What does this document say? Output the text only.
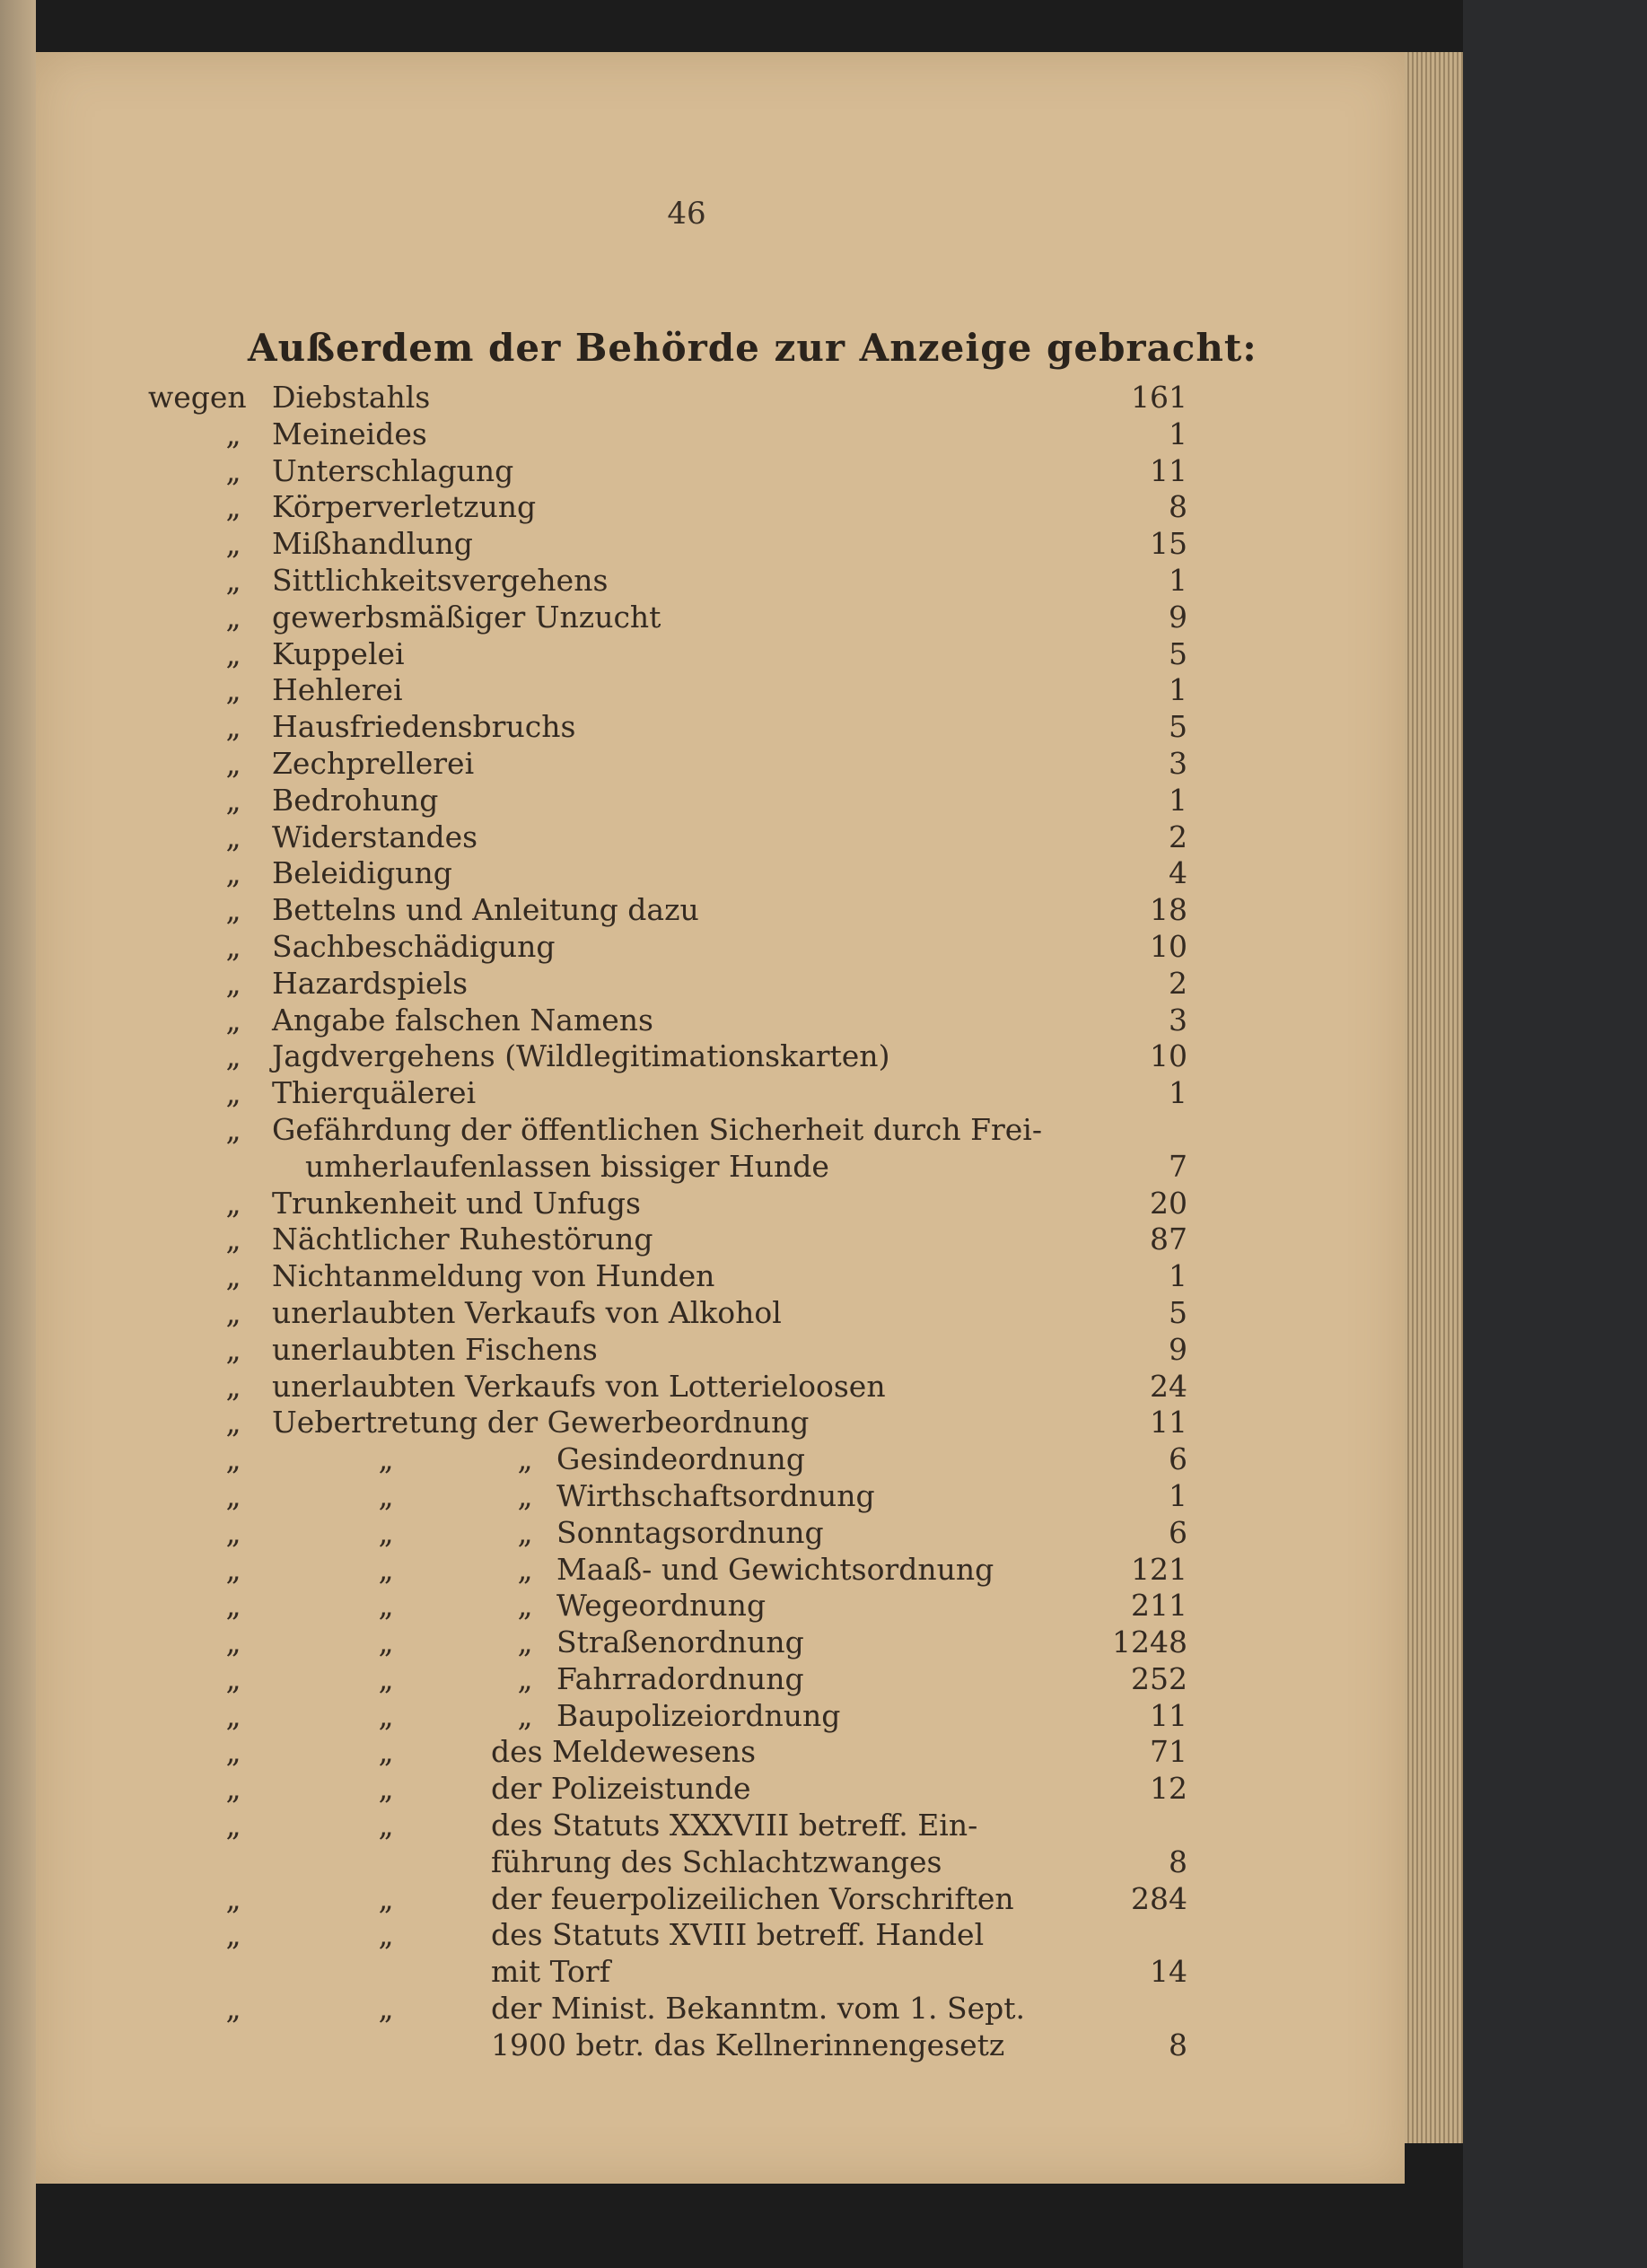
46
Außerdem der Behörde zur Anzeige gebracht:
wegen Diebstahls	161
„	Meineides	1
„	Unterschlagung	11
„	Körperverletzung	8
„	Mißhandlung	15
„	Sittlichkeitsvergehens	1
„	gewerbsmäßiger Unzucht	9
„	Kuppelei	5
„	Hehlerei	1
„	Hausfriedensbruchs	5
„	Zechprellerei	3
„	Bedrohung	1
„	Widerstandes	2
„	Beleidigung	4
„	Bettelns und Anleitung dazu	18
„	Sachbeschädigung	10
„	Hazardspiels	2
„	Angabe falschen Namens	3
„	Jagdvergehens (Wildlegitimationskarten)	10
„	Thierquälerei	1
„	Gefährdung der öffentlichen Sicherheit durch Frei-
umherlaufenlassen bissiger Hunde	7
„	Trunkenheit und Unfugs	20
„	Nächtlicher Ruhestörung	87
„	Nichtanmeldung von Hunden	1
„	unerlaubten Verkaufs von Alkohol	5
„	unerlaubten Fischens	9
„	unerlaubten Verkaufs von Lotterieloosen	24
„	Uebertretung der Gewerbeordnung	11
„	„	„ Gesindeordnung	6
„	„	„ Wirthschaftsordnung	1
„	„	„ Sonntagsordnung	6
„	„	„ Maaß- und Gewichtsordnung	121
„	„	„ Wegeordnung	211
„	„	„ Straßenordnung	1248
„	„	„ Fahrradordnung	252
„	„	„ Baupolizeiordnung	11
„	„	des Meldewesens	71
„	„	der Polizeistunde	12
„	„	des Statuts XXXVIII betreff. Ein-
führung des Schlachtzwanges	8
„	„	der feuerpolizeilichen Vorschriften	284
„	„	des Statuts XVIII betreff. Handel
mit Torf	14
„	„	der Minist. Bekanntm. vom 1. Sept.
1900 betr. das Kellnerinnengesetz	8
